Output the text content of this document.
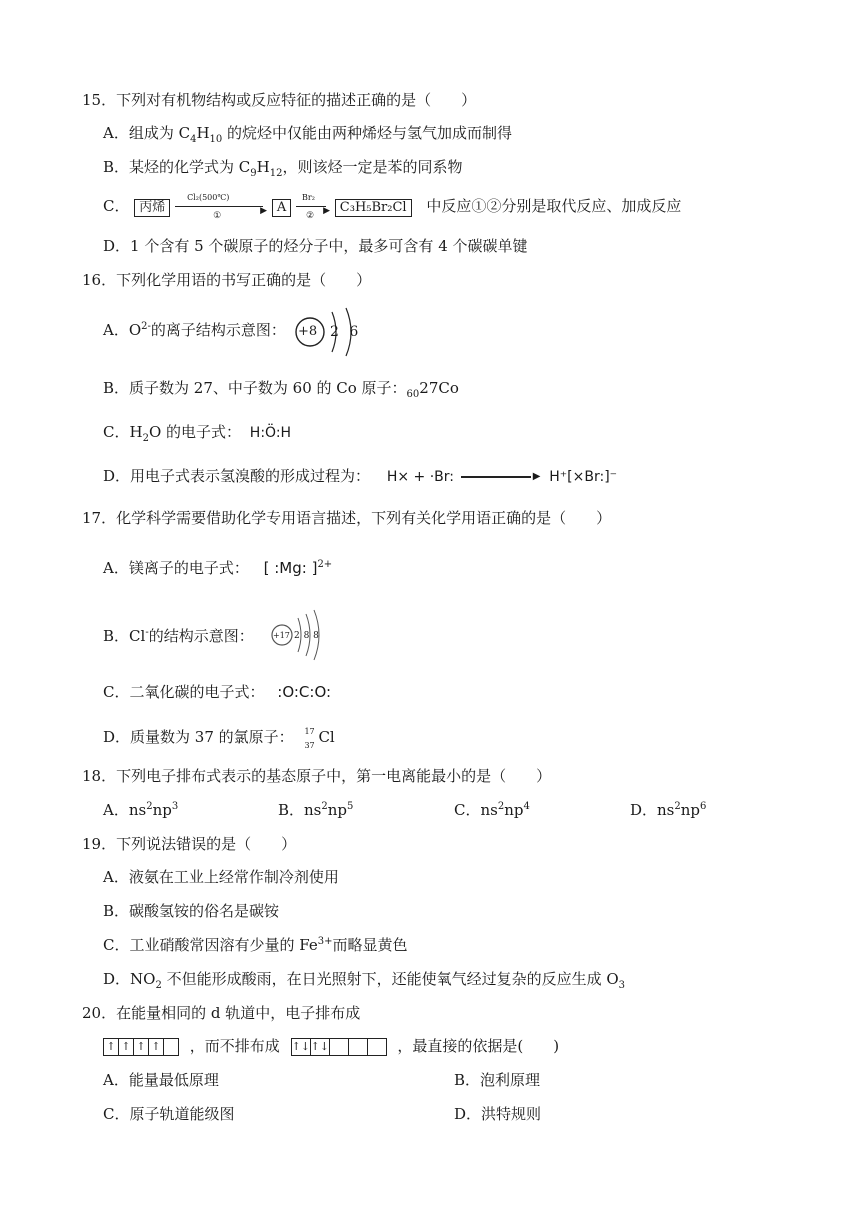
15．下列对有机物结构或反应特征的描述正确的是（　　）
A．组成为 $C_4H_{10}$ 的烷烃中仅能由两种烯烃与氢气加成而制得
B．某烃的化学式为 $C_9H_{12}$，则该烃一定是苯的同系物
C． 丙烯
Cl₂(500℃)
▶
①
A
Br₂
▶
②
C₃H₅Br₂Cl 中反应①②分别是取代反应、加成反应
D．1 个含有 5 个碳原子的烃分子中，最多可含有 4 个碳碳单键
16．下列化学用语的书写正确的是（　　）
A．$O^{2-}$的离子结构示意图： +8 2 6
B．质子数为 27、中子数为 60 的 Co 原子：$_{60}$27Co
C．$H_2O$ 的电子式： H:Ö:H
D．用电子式表示氢溴酸的形成过程为： H× + ·Br:	▶ H⁺[×Br:]⁻
17．化学科学需要借助化学专用语言描述，下列有关化学用语正确的是（　　）
A．镁离子的电子式： [ :Mg: ]$^{2+}$
B．Cl-的结构示意图： +17 2 8 8
C．二氧化碳的电子式： :O:C:O:
D．质量数为 37 的氯原子： 17
37 Cl
18．下列电子排布式表示的基态原子中，第一电离能最小的是（　　）
A．$ns^2np^3$	B．$ns^2np^5$	C．$ns^2np^4$	D．$ns^2np^6$
19．下列说法错误的是（　　）
A．液氨在工业上经常作制冷剂使用
B．碳酸氢铵的俗名是碳铵
C．工业硝酸常因溶有少量的 $Fe^{3+}$而略显黄色
D．$NO_2$ 不但能形成酸雨，在日光照射下，还能使氧气经过复杂的反应生成 $O_3$
20．在能量相同的 d 轨道中，电子排布成
↑ ↑ ↑ ↑ ，而不排布成 ↑↓ ↑↓	，最直接的依据是(　　)
A．能量最低原理	B．泡利原理
C．原子轨道能级图	D．洪特规则
